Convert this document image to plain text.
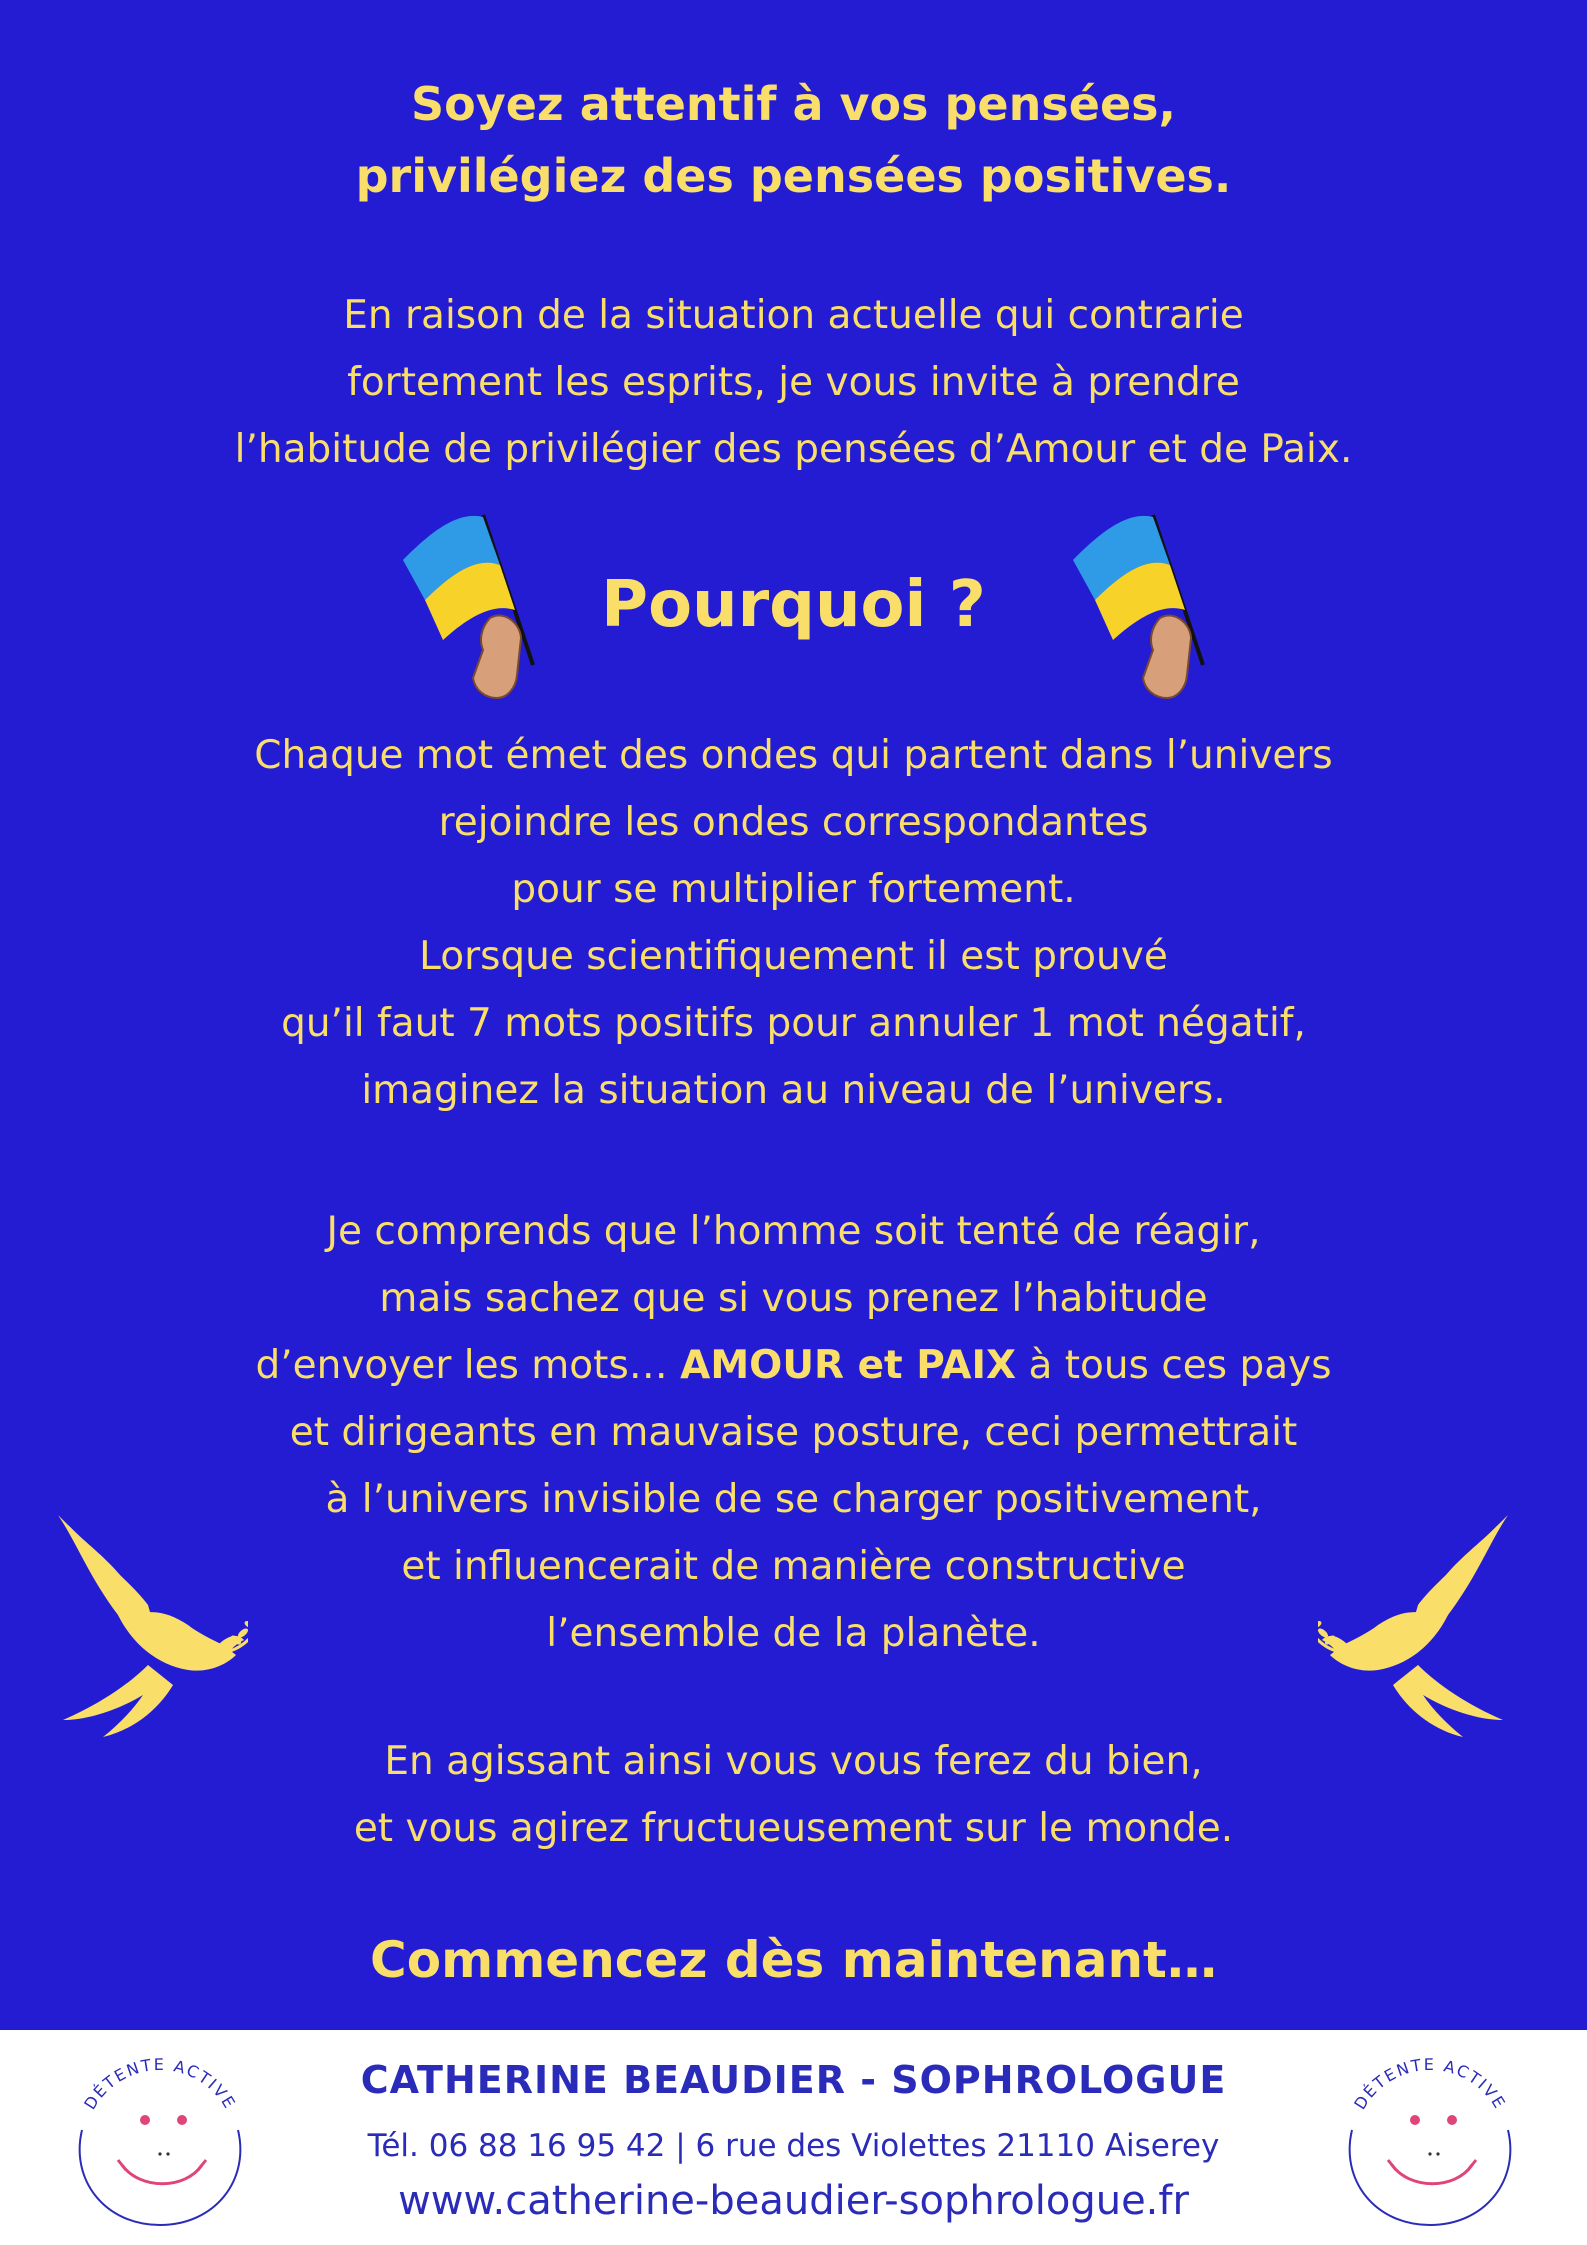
Soyez attentif à vos pensées,
privilégiez des pensées positives.
En raison de la situation actuelle qui contrarie
fortement les esprits, je vous invite à prendre
l’habitude de privilégier des pensées d’Amour et de Paix.
Pourquoi ?
Chaque mot émet des ondes qui partent dans l’univers
rejoindre les ondes correspondantes
pour se multiplier fortement.
Lorsque scientifiquement il est prouvé
qu’il faut 7 mots positifs pour annuler 1 mot négatif,
imaginez la situation au niveau de l’univers.
Je comprends que l’homme soit tenté de réagir,
mais sachez que si vous prenez l’habitude
d’envoyer les mots… AMOUR et PAIX à tous ces pays
et dirigeants en mauvaise posture, ceci permettrait
à l’univers invisible de se charger positivement,
et influencerait de manière constructive
l’ensemble de la planète.
En agissant ainsi vous vous ferez du bien,
et vous agirez fructueusement sur le monde.
Commencez dès maintenant…
DÉTENTE ACTIVE
CATHERINE BEAUDIER - SOPHROLOGUE
Tél. 06 88 16 95 42 | 6 rue des Violettes 21110 Aiserey
www.catherine-beaudier-sophrologue.fr
DÉTENTE ACTIVE
